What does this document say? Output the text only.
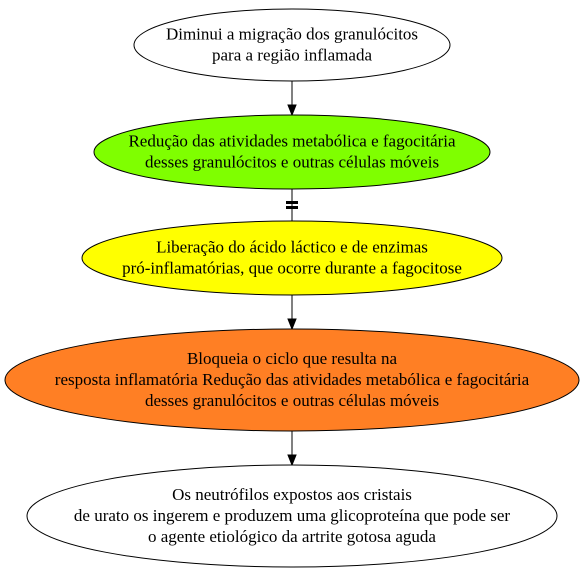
Diminui a migração dos granulócitos
para a região inflamada
Redução das atividades metabólica e fagocitária
desses granulócitos e outras células móveis
Liberação do ácido láctico e de enzimas
pró-inflamatórias, que ocorre durante a fagocitose
Bloqueia o ciclo que resulta na
resposta inflamatória Redução das atividades metabólica e fagocitária
desses granulócitos e outras células móveis
Os neutrófilos expostos aos cristais
de urato os ingerem e produzem uma glicoproteína que pode ser
o agente etiológico da artrite gotosa aguda
